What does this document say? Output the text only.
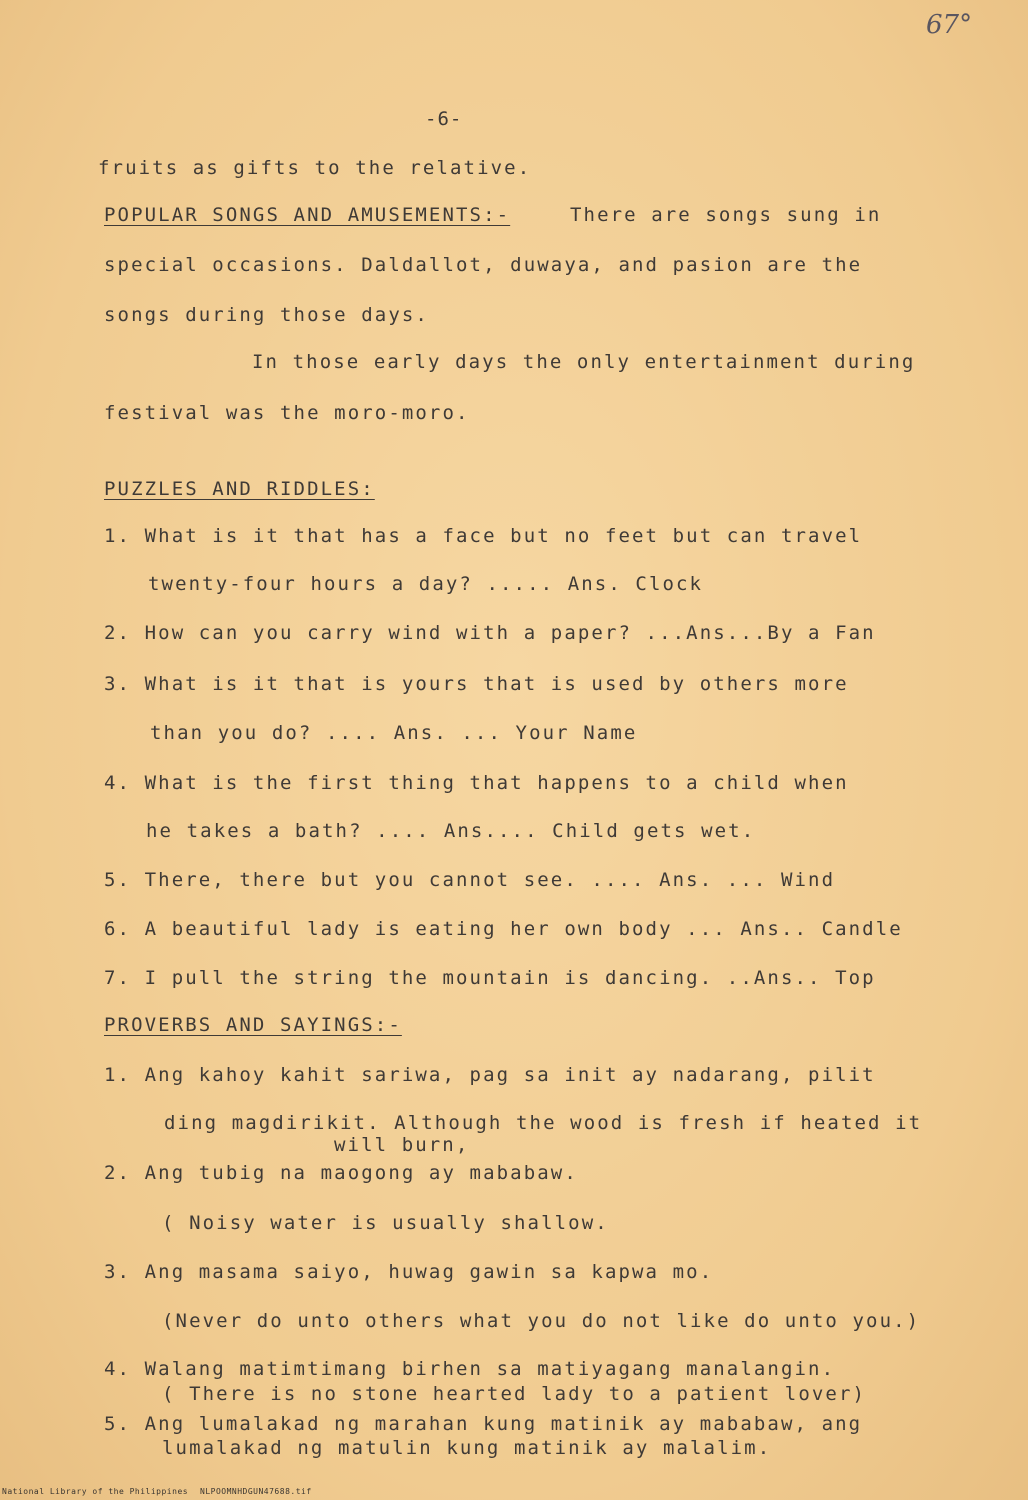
67°
-6-
fruits as gifts to the relative.
POPULAR SONGS AND AMUSEMENTS:-	There are songs sung in
special occasions. Daldallot, duwaya, and pasion are the
songs during those days.
In those early days the only entertainment during
festival was the moro-moro.
PUZZLES AND RIDDLES:
1. What is it that has a face but no feet but can travel
twenty-four hours a day? ..... Ans. Clock
2. How can you carry wind with a paper? ...Ans...By a Fan
3. What is it that is yours that is used by others more
than you do? .... Ans. ... Your Name
4. What is the first thing that happens to a child when
he takes a bath? .... Ans.... Child gets wet.
5. There, there but you cannot see. .... Ans. ... Wind
6. A beautiful lady is eating her own body ... Ans.. Candle
7. I pull the string the mountain is dancing. ..Ans.. Top
PROVERBS AND SAYINGS:-
1. Ang kahoy kahit sariwa, pag sa init ay nadarang, pilit
ding magdirikit. Although the wood is fresh if heated it
will burn,
2. Ang tubig na maogong ay mababaw.
( Noisy water is usually shallow.
3. Ang masama saiyo, huwag gawin sa kapwa mo.
(Never do unto others what you do not like do unto you.)
4. Walang matimtimang birhen sa matiyagang manalangin.
( There is no stone hearted lady to a patient lover)
5. Ang lumalakad ng marahan kung matinik ay mababaw, ang
lumalakad ng matulin kung matinik ay malalim.
National Library of the Philippines NLPOOMNHDGUN47688.tif
